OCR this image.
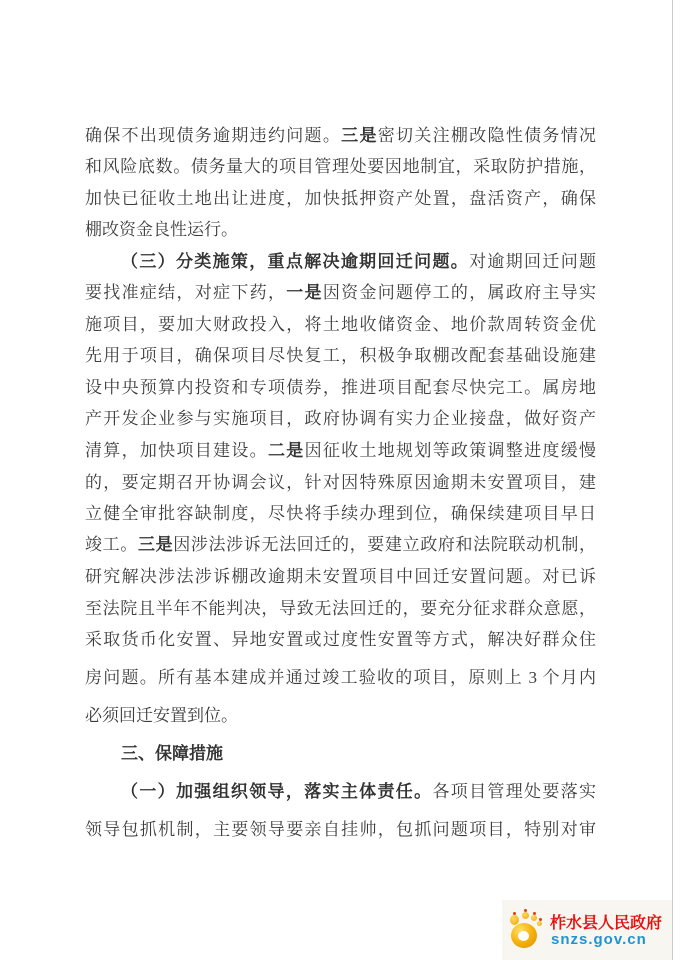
确保不出现债务逾期违约问题。三是密切关注棚改隐性债务情况
和风险底数。债务量大的项目管理处要因地制宜，采取防护措施，
加快已征收土地出让进度，加快抵押资产处置，盘活资产，确保
棚改资金良性运行。
（三）分类施策，重点解决逾期回迁问题。对逾期回迁问题
要找准症结，对症下药，一是因资金问题停工的，属政府主导实
施项目，要加大财政投入，将土地收储资金、地价款周转资金优
先用于项目，确保项目尽快复工，积极争取棚改配套基础设施建
设中央预算内投资和专项债券，推进项目配套尽快完工。属房地
产开发企业参与实施项目，政府协调有实力企业接盘，做好资产
清算，加快项目建设。二是因征收土地规划等政策调整进度缓慢
的，要定期召开协调会议，针对因特殊原因逾期未安置项目，建
立健全审批容缺制度，尽快将手续办理到位，确保续建项目早日
竣工。三是因涉法涉诉无法回迁的，要建立政府和法院联动机制，
研究解决涉法涉诉棚改逾期未安置项目中回迁安置问题。对已诉
至法院且半年不能判决，导致无法回迁的，要充分征求群众意愿，
采取货币化安置、异地安置或过度性安置等方式，解决好群众住
房问题。所有基本建成并通过竣工验收的项目，原则上 3 个月内
必须回迁安置到位。
三、保障措施
（一）加强组织领导，落实主体责任。各项目管理处要落实
领导包抓机制，主要领导要亲自挂帅，包抓问题项目，特别对审
柞水县人民政府
snzs.gov.cn
